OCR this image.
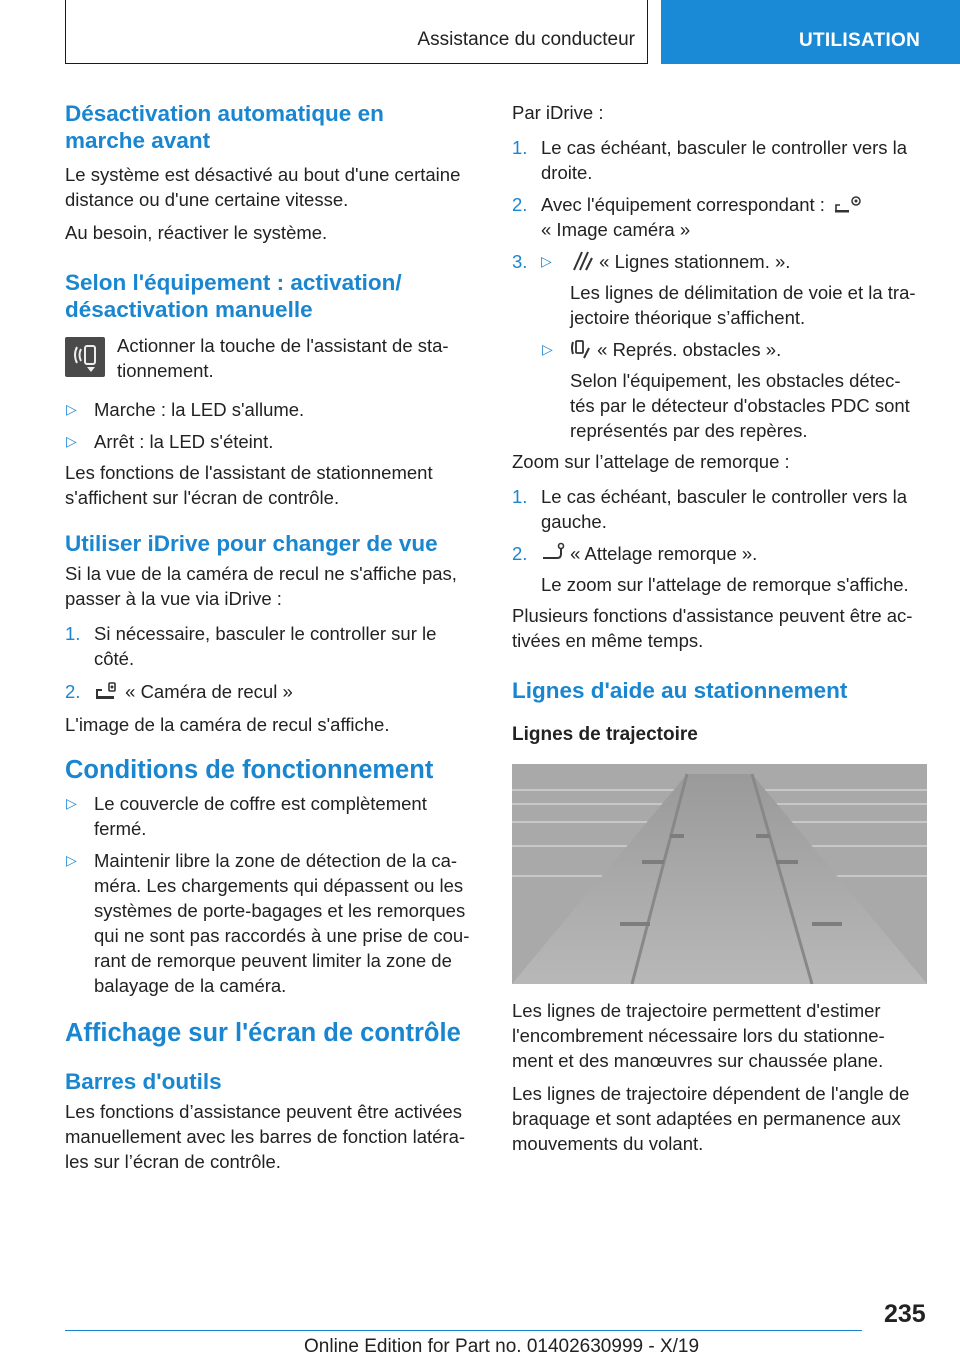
Assistance du conducteur	UTILISATION
Désactivation automatique en marche avant

Le système est désactivé au bout d'une certaine distance ou d'une certaine vitesse.

Au besoin, réactiver le système.

Selon l'équipement : activation/ désactivation manuelle
Actionner la touche de l'assistant de sta- tionnement.
▷ Marche : la LED s'allume.
▷ Arrêt : la LED s'éteint.

Les fonctions de l'assistant de stationnement s'affichent sur l'écran de contrôle.

Utiliser iDrive pour changer de vue

Si la vue de la caméra de recul ne s'affiche pas, passer à la vue via iDrive :

1. Si nécessaire, basculer le controller sur le côté.
2. « Caméra de recul »

L'image de la caméra de recul s'affiche.

Conditions de fonctionnement
▷ Le couvercle de coffre est complètement fermé.
▷ Maintenir libre la zone de détection de la ca- méra. Les chargements qui dépassent ou les systèmes de porte-bagages et les remorques qui ne sont pas raccordés à une prise de cou- rant de remorque peuvent limiter la zone de balayage de la caméra.
Affichage sur l'écran de contrôle
Barres d'outils

Les fonctions d’assistance peuvent être activées manuellement avec les barres de fonction latéra- les sur l’écran de contrôle.

Par iDrive :

1. Le cas échéant, basculer le controller vers la droite.
2. Avec l'équipement correspondant :
« Image caméra »
3. ▷	« Lignes stationnem. ».
Les lignes de délimitation de voie et la tra- jectoire théorique s’affichent.
▷ « Représ. obstacles ».
Selon l'équipement, les obstacles détec- tés par le détecteur d'obstacles PDC sont représentés par des repères.

Zoom sur l’attelage de remorque :

1. Le cas échéant, basculer le controller vers la gauche.
2. « Attelage remorque ».
Le zoom sur l'attelage de remorque s'affiche.

Plusieurs fonctions d'assistance peuvent être ac- tivées en même temps.

Lignes d'aide au stationnement
Lignes de trajectoire

Les lignes de trajectoire permettent d'estimer l'encombrement nécessaire lors du stationne- ment et des manœuvres sur chaussée plane.

Les lignes de trajectoire dépendent de l'angle de braquage et sont adaptées en permanence aux mouvements du volant.

235
Online Edition for Part no. 01402630999 - X/19
